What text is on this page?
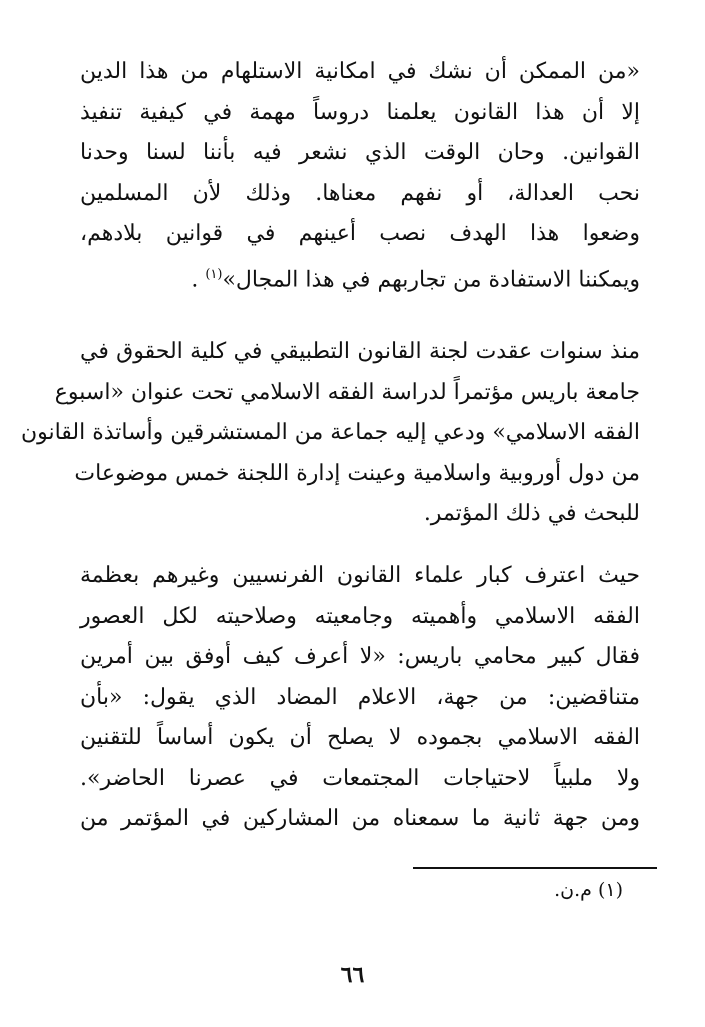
«من الممكن أن نشك في امكانية الاستلهام من هذا الدين
إلا أن هذا القانون يعلمنا دروساً مهمة في كيفية تنفيذ
القوانين. وحان الوقت الذي نشعر فيه بأننا لسنا وحدنا
نحب العدالة، أو نفهم معناها. وذلك لأن المسلمين
وضعوا هذا الهدف نصب أعينهم في قوانين بلادهم،
ويمكننا الاستفادة من تجاربهم في هذا المجال»$^{(١)}$ .

منذ سنوات عقدت لجنة القانون التطبيقي في كلية الحقوق في
جامعة باريس مؤتمراً لدراسة الفقه الاسلامي تحت عنوان «اسبوع
الفقه الاسلامي» ودعي إليه جماعة من المستشرقين وأساتذة القانون
من دول أوروبية واسلامية وعينت إدارة اللجنة خمس موضوعات
للبحث في ذلك المؤتمر.

حيث اعترف كبار علماء القانون الفرنسيين وغيرهم بعظمة
الفقه الاسلامي وأهميته وجامعيته وصلاحيته لكل العصور
فقال كبير محامي باريس: «لا أعرف كيف أوفق بين أمرين
متناقضين: من جهة، الاعلام المضاد الذي يقول: «بأن
الفقه الاسلامي بجموده لا يصلح أن يكون أساساً للتقنين
ولا ملبياً لاحتياجات المجتمعات في عصرنا الحاضر».
ومن جهة ثانية ما سمعناه من المشاركين في المؤتمر من

(١) م.ن.
٦٦
